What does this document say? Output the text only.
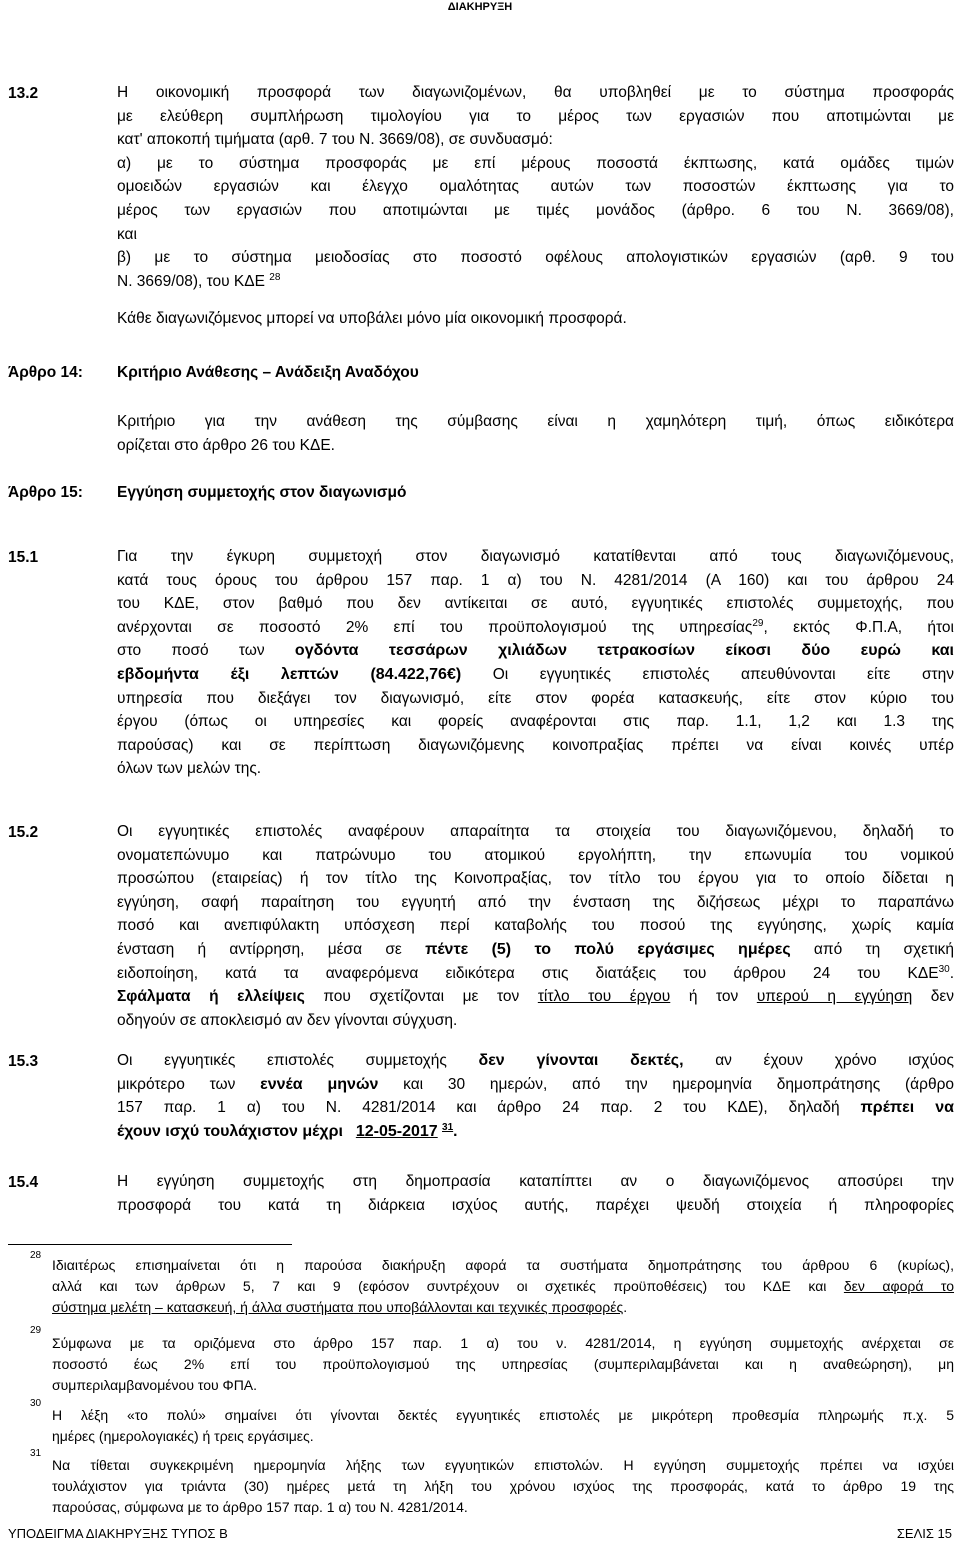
ΔΙΑΚΗΡΥΞΗ
13.2	Η οικονομική προσφορά των διαγωνιζομένων, θα υποβληθεί με το σύστημα προσφοράς
με ελεύθερη συμπλήρωση τιμολογίου για το μέρος των εργασιών που αποτιμώνται με
κατ' αποκοπή τιμήματα (αρθ. 7 του Ν. 3669/08), σε συνδυασμό:
α) με το σύστημα προσφοράς με επί μέρους ποσοστά έκπτωσης, κατά ομάδες τιμών
ομοειδών εργασιών και έλεγχο ομαλότητας αυτών των ποσοστών έκπτωσης για το
μέρος των εργασιών που αποτιμώνται με τιμές μονάδος (άρθρο. 6 του Ν. 3669/08),
και
β) με το σύστημα μειοδοσίας στο ποσοστό οφέλους απολογιστικών εργασιών (αρθ. 9 του
Ν. 3669/08), του ΚΔΕ $^{28}$
Κάθε διαγωνιζόμενος μπορεί να υποβάλει μόνο μία οικονομική προσφορά.
Άρθρο 14: Κριτήριο Ανάθεσης – Ανάδειξη Αναδόχου
Κριτήριο για την ανάθεση της σύμβασης είναι η χαμηλότερη τιμή, όπως ειδικότερα
ορίζεται στο άρθρο 26 του ΚΔΕ.
Άρθρο 15: Εγγύηση συμμετοχής στον διαγωνισμό
15.1	Για την έγκυρη συμμετοχή στον διαγωνισμό κατατίθενται από τους διαγωνιζόμενους,
κατά τους όρους του άρθρου 157 παρ. 1 α) του Ν. 4281/2014 (Α 160) και του άρθρου 24
του ΚΔΕ, στον βαθμό που δεν αντίκειται σε αυτό, εγγυητικές επιστολές συμμετοχής, που
ανέρχονται σε ποσοστό 2% επί του προϋπολογισμού της υπηρεσίας$^{29}$, εκτός Φ.Π.Α, ήτοι
στο ποσό των ογδόντα τεσσάρων χιλιάδων τετρακοσίων είκοσι δύο ευρώ και
εβδομήντα έξι λεπτών (84.422,76€) Οι εγγυητικές επιστολές απευθύνονται είτε στην
υπηρεσία που διεξάγει τον διαγωνισμό, είτε στον φορέα κατασκευής, είτε στον κύριο του
έργου (όπως οι υπηρεσίες και φορείς αναφέρονται στις παρ. 1.1, 1,2 και 1.3 της
παρούσας) και σε περίπτωση διαγωνιζόμενης κοινοπραξίας πρέπει να είναι κοινές υπέρ
όλων των μελών της.
15.2	Οι εγγυητικές επιστολές αναφέρουν απαραίτητα τα στοιχεία του διαγωνιζόμενου, δηλαδή το
ονοματεπώνυμο και πατρώνυμο του ατομικού εργολήπτη, την επωνυμία του νομικού
προσώπου (εταιρείας) ή τον τίτλο της Κοινοπραξίας, τον τίτλο του έργου για το οποίο δίδεται η
εγγύηση, σαφή παραίτηση του εγγυητή από την ένσταση της διζήσεως μέχρι το παραπάνω
ποσό και ανεπιφύλακτη υπόσχεση περί καταβολής του ποσού της εγγύησης, χωρίς καμία
ένσταση ή αντίρρηση, μέσα σε πέντε (5) το πολύ εργάσιμες ημέρες από τη σχετική
ειδοποίηση, κατά τα αναφερόμενα ειδικότερα στις διατάξεις του άρθρου 24 του ΚΔΕ$^{30}$.
Σφάλματα ή ελλείψεις που σχετίζονται με τον τίτλο του έργου ή τον υπερού η εγγύηση δεν
οδηγούν σε αποκλεισμό αν δεν γίνονται σύγχυση.
15.3	Οι εγγυητικές επιστολές συμμετοχής δεν γίνονται δεκτές, αν έχουν χρόνο ισχύος
μικρότερο των εννέα μηνών και 30 ημερών, από την ημερομηνία δημοπράτησης (άρθρο
157 παρ. 1 α) του Ν. 4281/2014 και άρθρο 24 παρ. 2 του ΚΔΕ), δηλαδή πρέπει να
έχουν ισχύ τουλάχιστον μέχρι 12-05-2017 $^{31}$.
15.4	Η εγγύηση συμμετοχής στη δημοπρασία καταπίπτει αν ο διαγωνιζόμενος αποσύρει την
προσφορά του κατά τη διάρκεια ισχύος αυτής, παρέχει ψευδή στοιχεία ή πληροφορίες
28
Ιδιαιτέρως επισημαίνεται ότι η παρούσα διακήρυξη αφορά τα συστήματα δημοπράτησης του άρθρου 6 (κυρίως),
αλλά και των άρθρων 5, 7 και 9 (εφόσον συντρέχουν οι σχετικές προϋποθέσεις) του ΚΔΕ και δεν αφορά το
σύστημα μελέτη – κατασκευή, ή άλλα συστήματα που υποβάλλονται και τεχνικές προσφορές.
29
Σύμφωνα με τα οριζόμενα στο άρθρο 157 παρ. 1 α) του ν. 4281/2014, η εγγύηση συμμετοχής ανέρχεται σε
ποσοστό έως 2% επί του προϋπολογισμού της υπηρεσίας (συμπεριλαμβάνεται και η αναθεώρηση), μη
συμπεριλαμβανομένου του ΦΠΑ.
30
Η λέξη «το πολύ» σημαίνει ότι γίνονται δεκτές εγγυητικές επιστολές με μικρότερη προθεσμία πληρωμής π.χ. 5
ημέρες (ημερολογιακές) ή τρεις εργάσιμες.
31
Να τίθεται συγκεκριμένη ημερομηνία λήξης των εγγυητικών επιστολών. Η εγγύηση συμμετοχής πρέπει να ισχύει
τουλάχιστον για τριάντα (30) ημέρες μετά τη λήξη του χρόνου ισχύος της προσφοράς, κατά το άρθρο 19 της
παρούσας, σύμφωνα με το άρθρο 157 παρ. 1 α) του Ν. 4281/2014.
ΥΠΟΔΕΙΓΜΑ ΔΙΑΚΗΡΥΞΗΣ ΤΥΠΟΣ Β	ΣΕΛΙΣ 15
